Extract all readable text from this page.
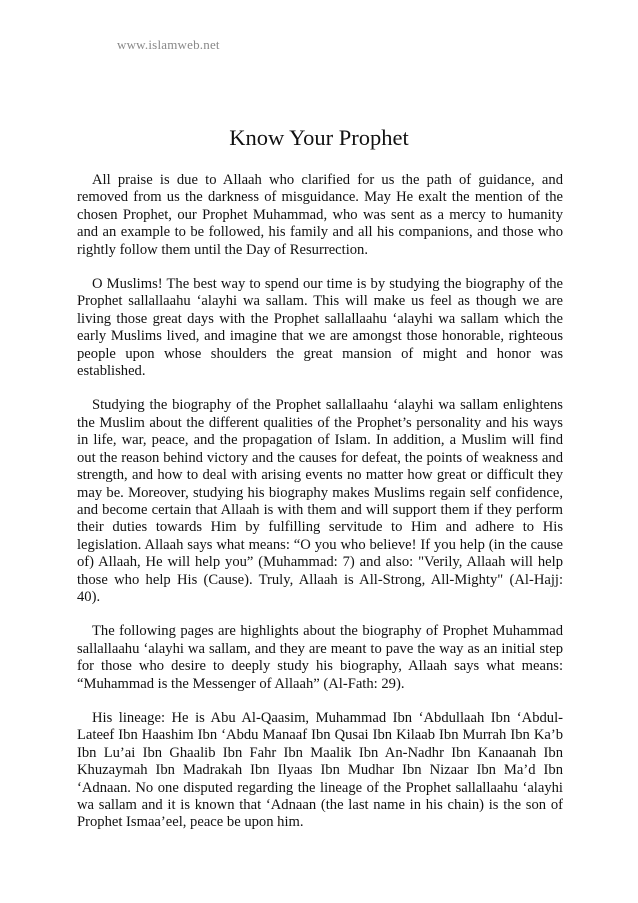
www.islamweb.net
Know Your Prophet

All praise is due to Allaah who clarified for us the path of guidance, and removed from us the darkness of misguidance. May He exalt the mention of the chosen Prophet, our Prophet Muhammad, who was sent as a mercy to humanity and an example to be followed, his family and all his companions, and those who rightly follow them until the Day of Resurrection.

O Muslims! The best way to spend our time is by studying the biography of the Prophet sallallaahu ‘alayhi wa sallam. This will make us feel as though we are living those great days with the Prophet sallallaahu ‘alayhi wa sallam which the early Muslims lived, and imagine that we are amongst those honorable, righteous people upon whose shoulders the great mansion of might and honor was established.

Studying the biography of the Prophet sallallaahu ‘alayhi wa sallam enlightens the Muslim about the different qualities of the Prophet’s personality and his ways in life, war, peace, and the propagation of Islam. In addition, a Muslim will find out the reason behind victory and the causes for defeat, the points of weakness and strength, and how to deal with arising events no matter how great or difficult they may be. Moreover, studying his biography makes Muslims regain self confidence, and become certain that Allaah is with them and will support them if they perform their duties towards Him by fulfilling servitude to Him and adhere to His legislation. Allaah says what means: “O you who believe! If you help (in the cause of) Allaah, He will help you” (Muhammad: 7) and also: "Verily, Allaah will help those who help His (Cause). Truly, Allaah is All-Strong, All-Mighty" (Al-Hajj: 40).

The following pages are highlights about the biography of Prophet Muhammad sallallaahu ‘alayhi wa sallam, and they are meant to pave the way as an initial step for those who desire to deeply study his biography, Allaah says what means: “Muhammad is the Messenger of Allaah” (Al-Fath: 29).

His lineage: He is Abu Al-Qaasim, Muhammad Ibn ‘Abdullaah Ibn ‘Abdul-Lateef Ibn Haashim Ibn ‘Abdu Manaaf Ibn Qusai Ibn Kilaab Ibn Murrah Ibn Ka’b Ibn Lu’ai Ibn Ghaalib Ibn Fahr Ibn Maalik Ibn An-Nadhr Ibn Kanaanah Ibn Khuzaymah Ibn Madrakah Ibn Ilyaas Ibn Mudhar Ibn Nizaar Ibn Ma’d Ibn ‘Adnaan. No one disputed regarding the lineage of the Prophet sallallaahu ‘alayhi wa sallam and it is known that ‘Adnaan (the last name in his chain) is the son of Prophet Ismaa’eel, peace be upon him.
